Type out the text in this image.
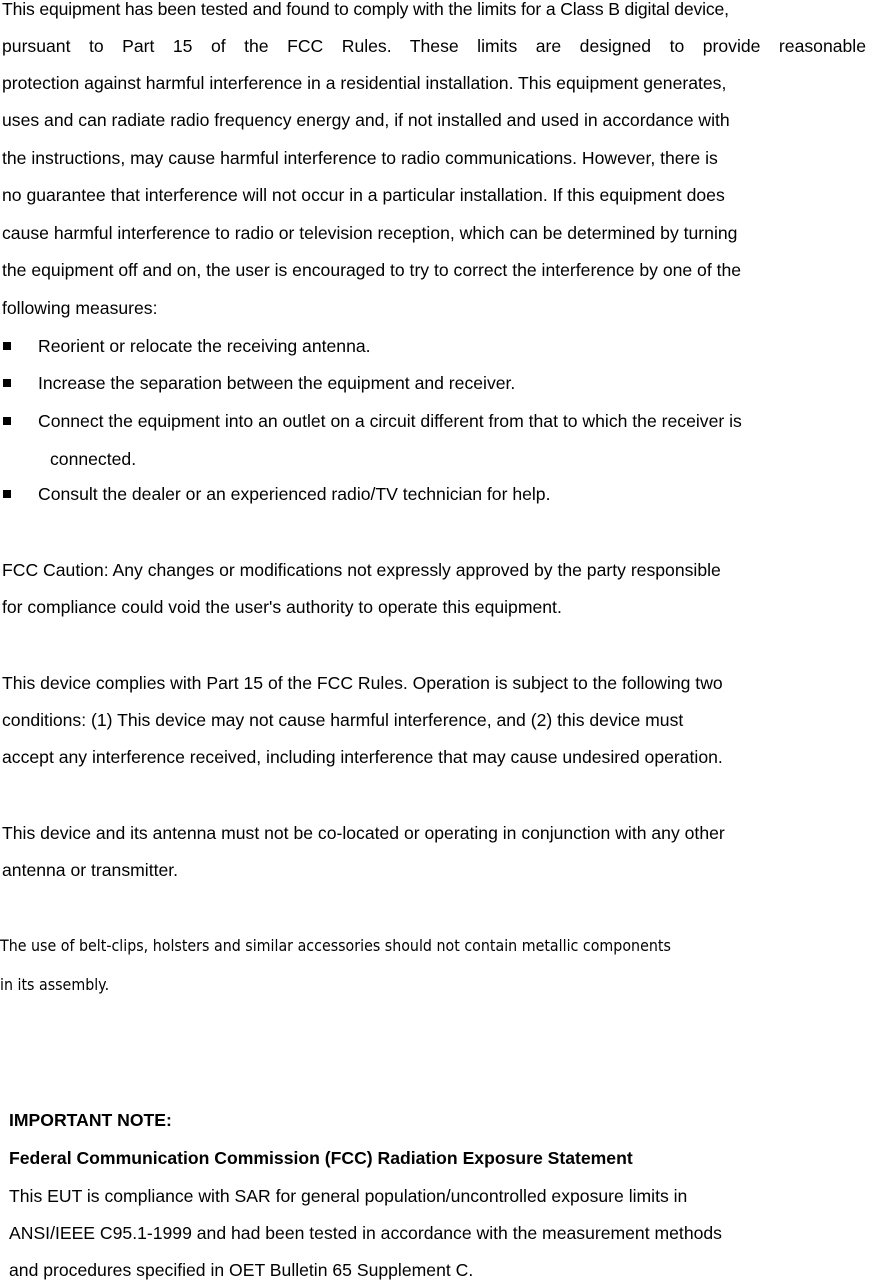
This equipment has been tested and found to comply with the limits for a Class B digital device,
pursuant to Part 15 of the FCC Rules. These limits are designed to provide reasonable
protection against harmful interference in a residential installation. This equipment generates,
uses and can radiate radio frequency energy and, if not installed and used in accordance with
the instructions, may cause harmful interference to radio communications. However, there is
no guarantee that interference will not occur in a particular installation. If this equipment does
cause harmful interference to radio or television reception, which can be determined by turning
the equipment off and on, the user is encouraged to try to correct the interference by one of the
following measures:
Reorient or relocate the receiving antenna.
Increase the separation between the equipment and receiver.
Connect the equipment into an outlet on a circuit different from that to which the receiver is
connected.
Consult the dealer or an experienced radio/TV technician for help.
FCC Caution: Any changes or modifications not expressly approved by the party responsible
for compliance could void the user's authority to operate this equipment.
This device complies with Part 15 of the FCC Rules. Operation is subject to the following two
conditions: (1) This device may not cause harmful interference, and (2) this device must
accept any interference received, including interference that may cause undesired operation.
This device and its antenna must not be co-located or operating in conjunction with any other
antenna or transmitter.
The use of belt-clips, holsters and similar accessories should not contain metallic components
in its assembly.
IMPORTANT NOTE:
Federal Communication Commission (FCC) Radiation Exposure Statement
This EUT is compliance with SAR for general population/uncontrolled exposure limits in
ANSI/IEEE C95.1-1999 and had been tested in accordance with the measurement methods
and procedures specified in OET Bulletin 65 Supplement C.
